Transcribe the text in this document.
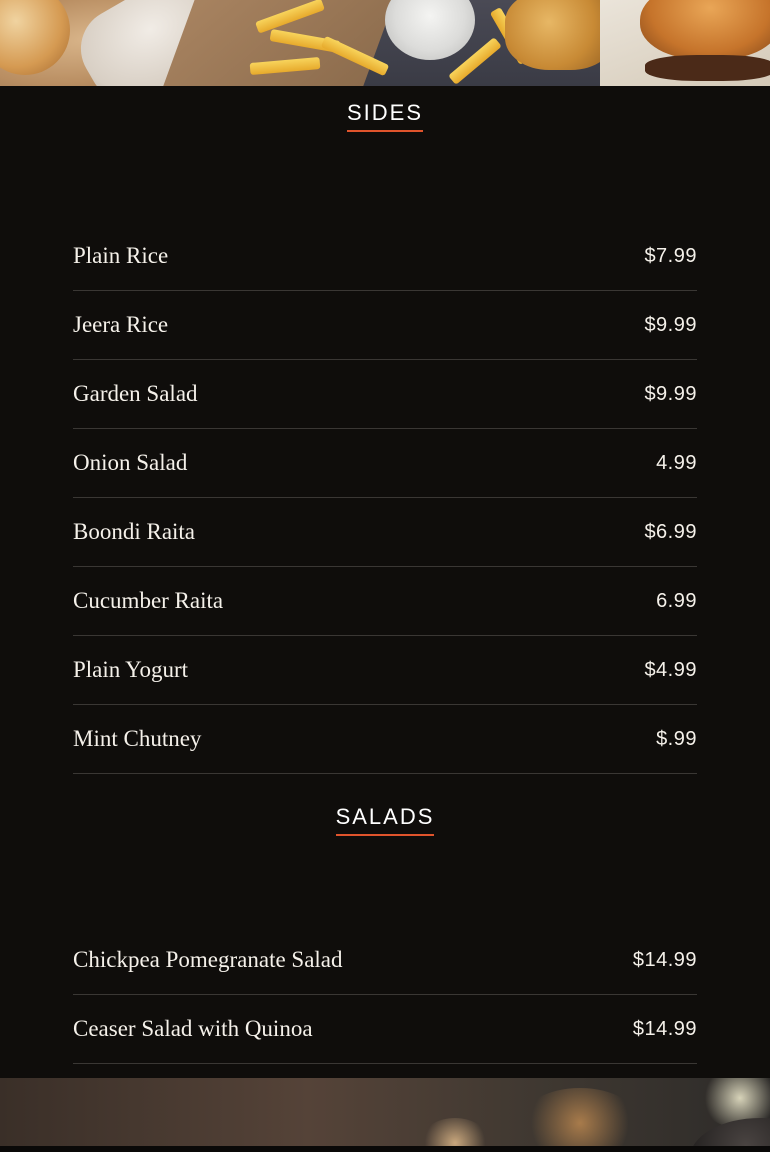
SIDES
Plain Rice	$7.99
Jeera Rice	$9.99
Garden Salad	$9.99
Onion Salad	4.99
Boondi Raita	$6.99
Cucumber Raita	6.99
Plain Yogurt	$4.99
Mint Chutney	$.99
SALADS
Chickpea Pomegranate Salad	$14.99
Ceaser Salad with Quinoa	$14.99
